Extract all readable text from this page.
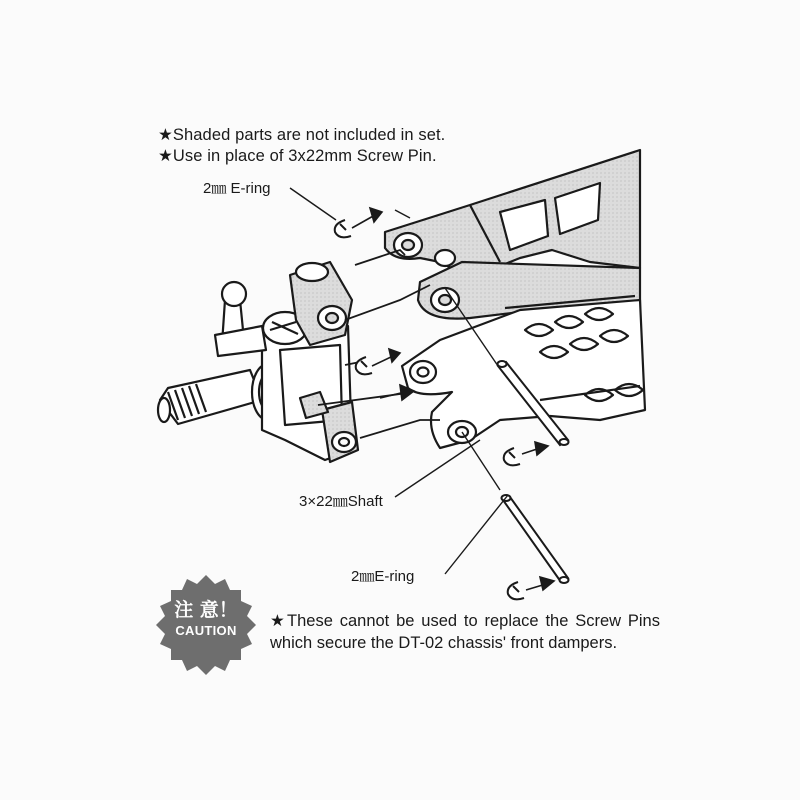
★Shaded parts are not included in set.
★Use in place of 3x22mm Screw Pin.
2㎜ E-ring
3×22㎜Shaft
2㎜E-ring
注 意！
CAUTION
★These cannot be used to replace the Screw Pins which secure the DT-02 chassis' front dampers.
